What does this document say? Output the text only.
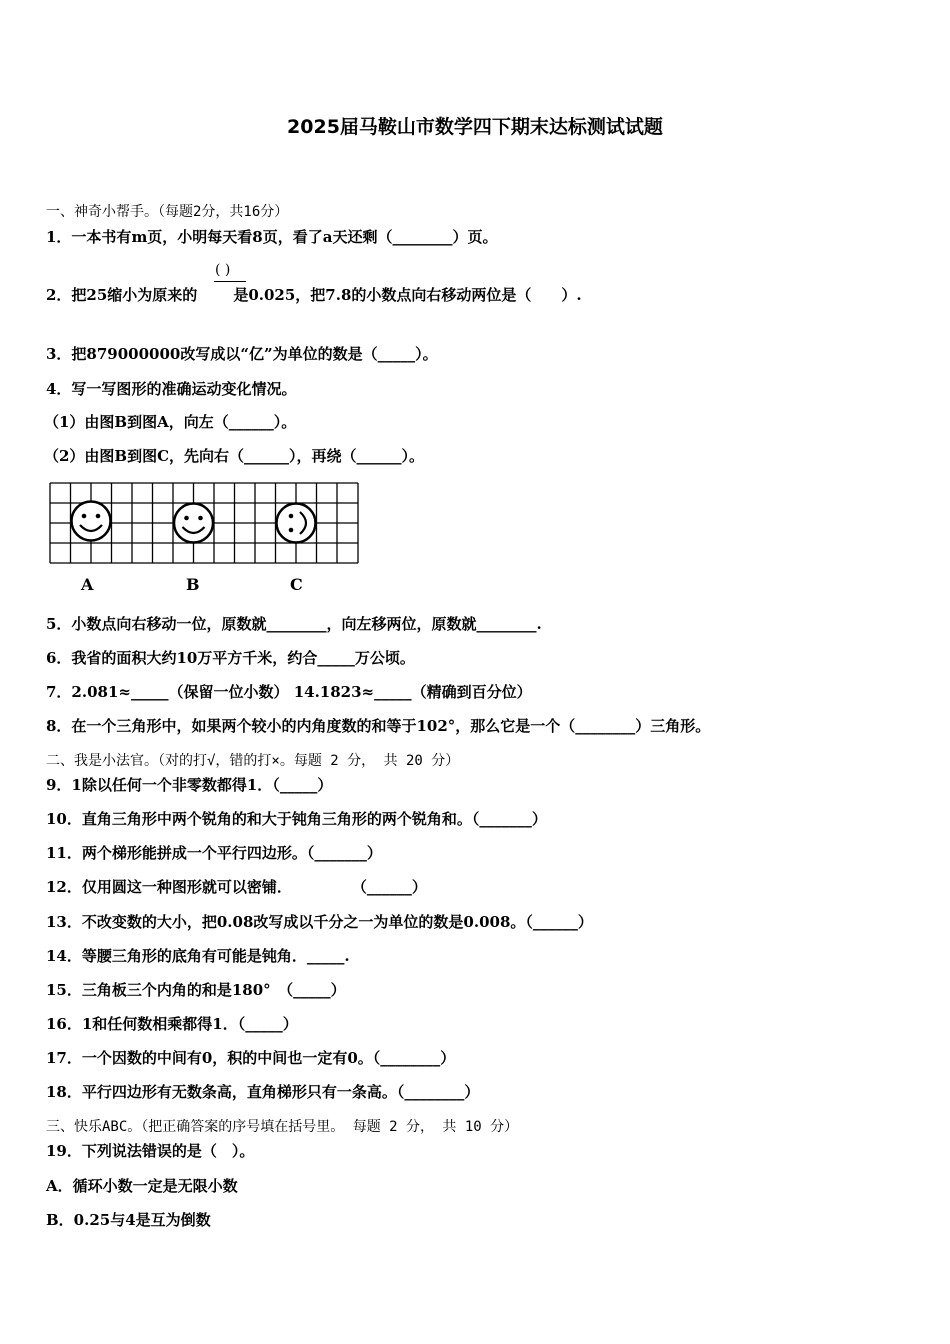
2025届马鞍山市数学四下期末达标测试试题
一、神奇小帮手。（每题2分，共16分）
1．一本书有m页，小明每天看8页，看了a天还剩（________）页。
( )
2．把25缩小为原来的 是0.025，把7.8的小数点向右移动两位是（　　）.
3．把879000000改写成以“亿”为单位的数是（_____）。
4．写一写图形的准确运动变化情况。
（1）由图B到图A，向左（______）。
（2）由图B到图C，先向右（______），再绕（______）。
A	B	C
5．小数点向右移动一位，原数就________，向左移两位，原数就________.
6．我省的面积大约10万平方千米，约合_____万公顷。
7．2.081≈_____（保留一位小数） 14.1823≈_____（精确到百分位）
8．在一个三角形中，如果两个较小的内角度数的和等于102°，那么它是一个（________）三角形。
二、我是小法官。（对的打√，错的打×。每题 2 分， 共 20 分）
9．1除以任何一个非零数都得1．（_____）
10．直角三角形中两个锐角的和大于钝角三角形的两个锐角和。（_______）
11．两个梯形能拼成一个平行四边形。（_______）
12．仅用圆这一种图形就可以密铺．　　　　　（______）
13．不改变数的大小，把0.08改写成以千分之一为单位的数是0.008。（______）
14．等腰三角形的底角有可能是钝角．_____.
15．三角板三个内角的和是180°　（_____）
16．1和任何数相乘都得1．（_____）
17．一个因数的中间有0，积的中间也一定有0。（________）
18．平行四边形有无数条高，直角梯形只有一条高。（________）
三、快乐ABC。（把正确答案的序号填在括号里。 每题 2 分， 共 10 分）
19．下列说法错误的是（　）。
A．循环小数一定是无限小数
B．0.25与4是互为倒数
